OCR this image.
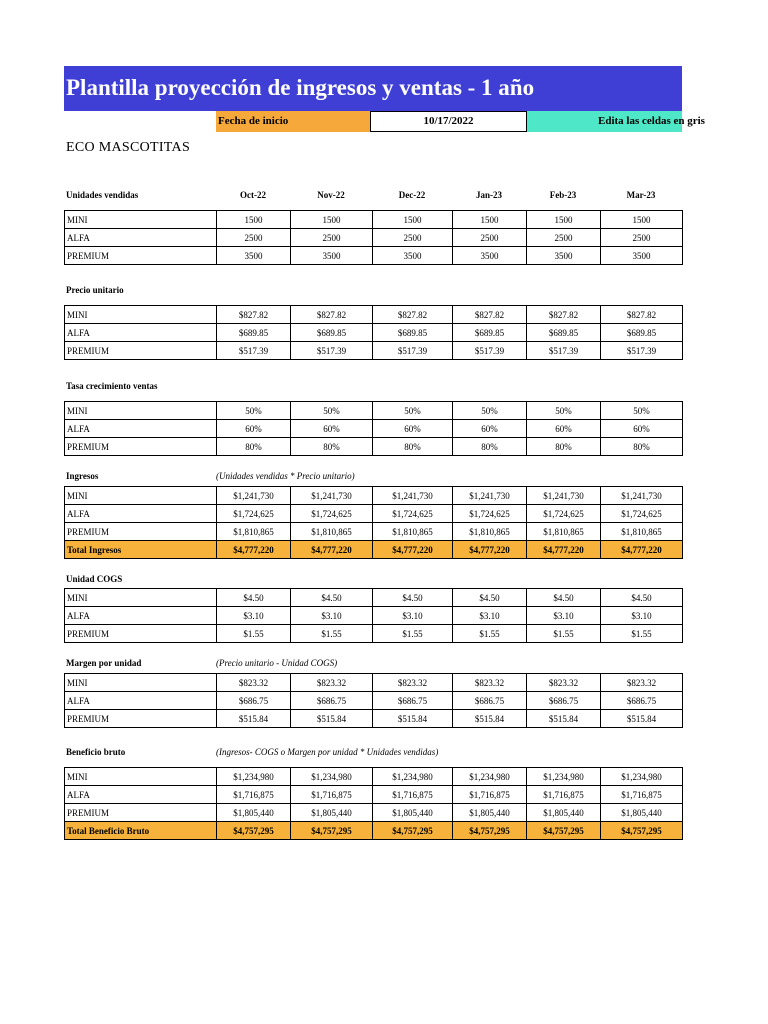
Plantilla proyección de ingresos y ventas - 1 año
Fecha de inicio	10/17/2022	Edita las celdas en gris
ECO MASCOTITAS
Unidades vendidas	Oct-22	Nov-22	Dec-22	Jan-23	Feb-23	Mar-23
MINI	1500	1500	1500	1500	1500	1500
ALFA	2500	2500	2500	2500	2500	2500
PREMIUM	3500	3500	3500	3500	3500	3500
Precio unitario
MINI	$827.82	$827.82	$827.82	$827.82	$827.82	$827.82
ALFA	$689.85	$689.85	$689.85	$689.85	$689.85	$689.85
PREMIUM	$517.39	$517.39	$517.39	$517.39	$517.39	$517.39
Tasa crecimiento ventas
MINI	50%	50%	50%	50%	50%	50%
ALFA	60%	60%	60%	60%	60%	60%
PREMIUM	80%	80%	80%	80%	80%	80%
Ingresos	(Unidades vendidas * Precio unitario)
MINI	$1,241,730	$1,241,730	$1,241,730	$1,241,730	$1,241,730	$1,241,730
ALFA	$1,724,625	$1,724,625	$1,724,625	$1,724,625	$1,724,625	$1,724,625
PREMIUM	$1,810,865	$1,810,865	$1,810,865	$1,810,865	$1,810,865	$1,810,865
Total Ingresos	$4,777,220	$4,777,220	$4,777,220	$4,777,220	$4,777,220	$4,777,220
Unidad COGS
MINI	$4.50	$4.50	$4.50	$4.50	$4.50	$4.50
ALFA	$3.10	$3.10	$3.10	$3.10	$3.10	$3.10
PREMIUM	$1.55	$1.55	$1.55	$1.55	$1.55	$1.55
Margen por unidad	(Precio unitario - Unidad COGS)
MINI	$823.32	$823.32	$823.32	$823.32	$823.32	$823.32
ALFA	$686.75	$686.75	$686.75	$686.75	$686.75	$686.75
PREMIUM	$515.84	$515.84	$515.84	$515.84	$515.84	$515.84
Beneficio bruto	(Ingresos- COGS o Margen por unidad * Unidades vendidas)
MINI	$1,234,980	$1,234,980	$1,234,980	$1,234,980	$1,234,980	$1,234,980
ALFA	$1,716,875	$1,716,875	$1,716,875	$1,716,875	$1,716,875	$1,716,875
PREMIUM	$1,805,440	$1,805,440	$1,805,440	$1,805,440	$1,805,440	$1,805,440
Total Beneficio Bruto	$4,757,295	$4,757,295	$4,757,295	$4,757,295	$4,757,295	$4,757,295
